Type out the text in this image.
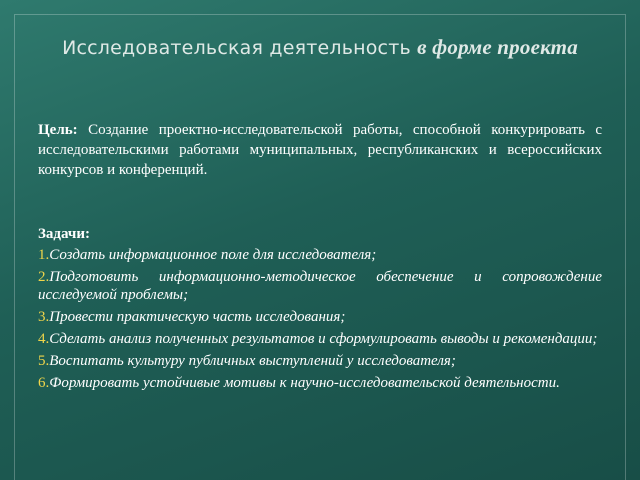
Исследовательская деятельность в форме проекта
Цель: Создание проектно-исследовательской работы, способной конкурировать с исследовательскими работами муниципальных, республиканских и всероссийских конкурсов и конференций.
Задачи:
1.Создать информационное поле для исследователя;
2.Подготовить информационно-методическое обеспечение и сопровождение исследуемой проблемы;
3.Провести практическую часть исследования;
4.Сделать анализ полученных результатов и сформулировать выводы и рекомендации;
5.Воспитать культуру публичных выступлений у исследователя;
6.Формировать устойчивые мотивы к научно-исследовательской деятельности.
